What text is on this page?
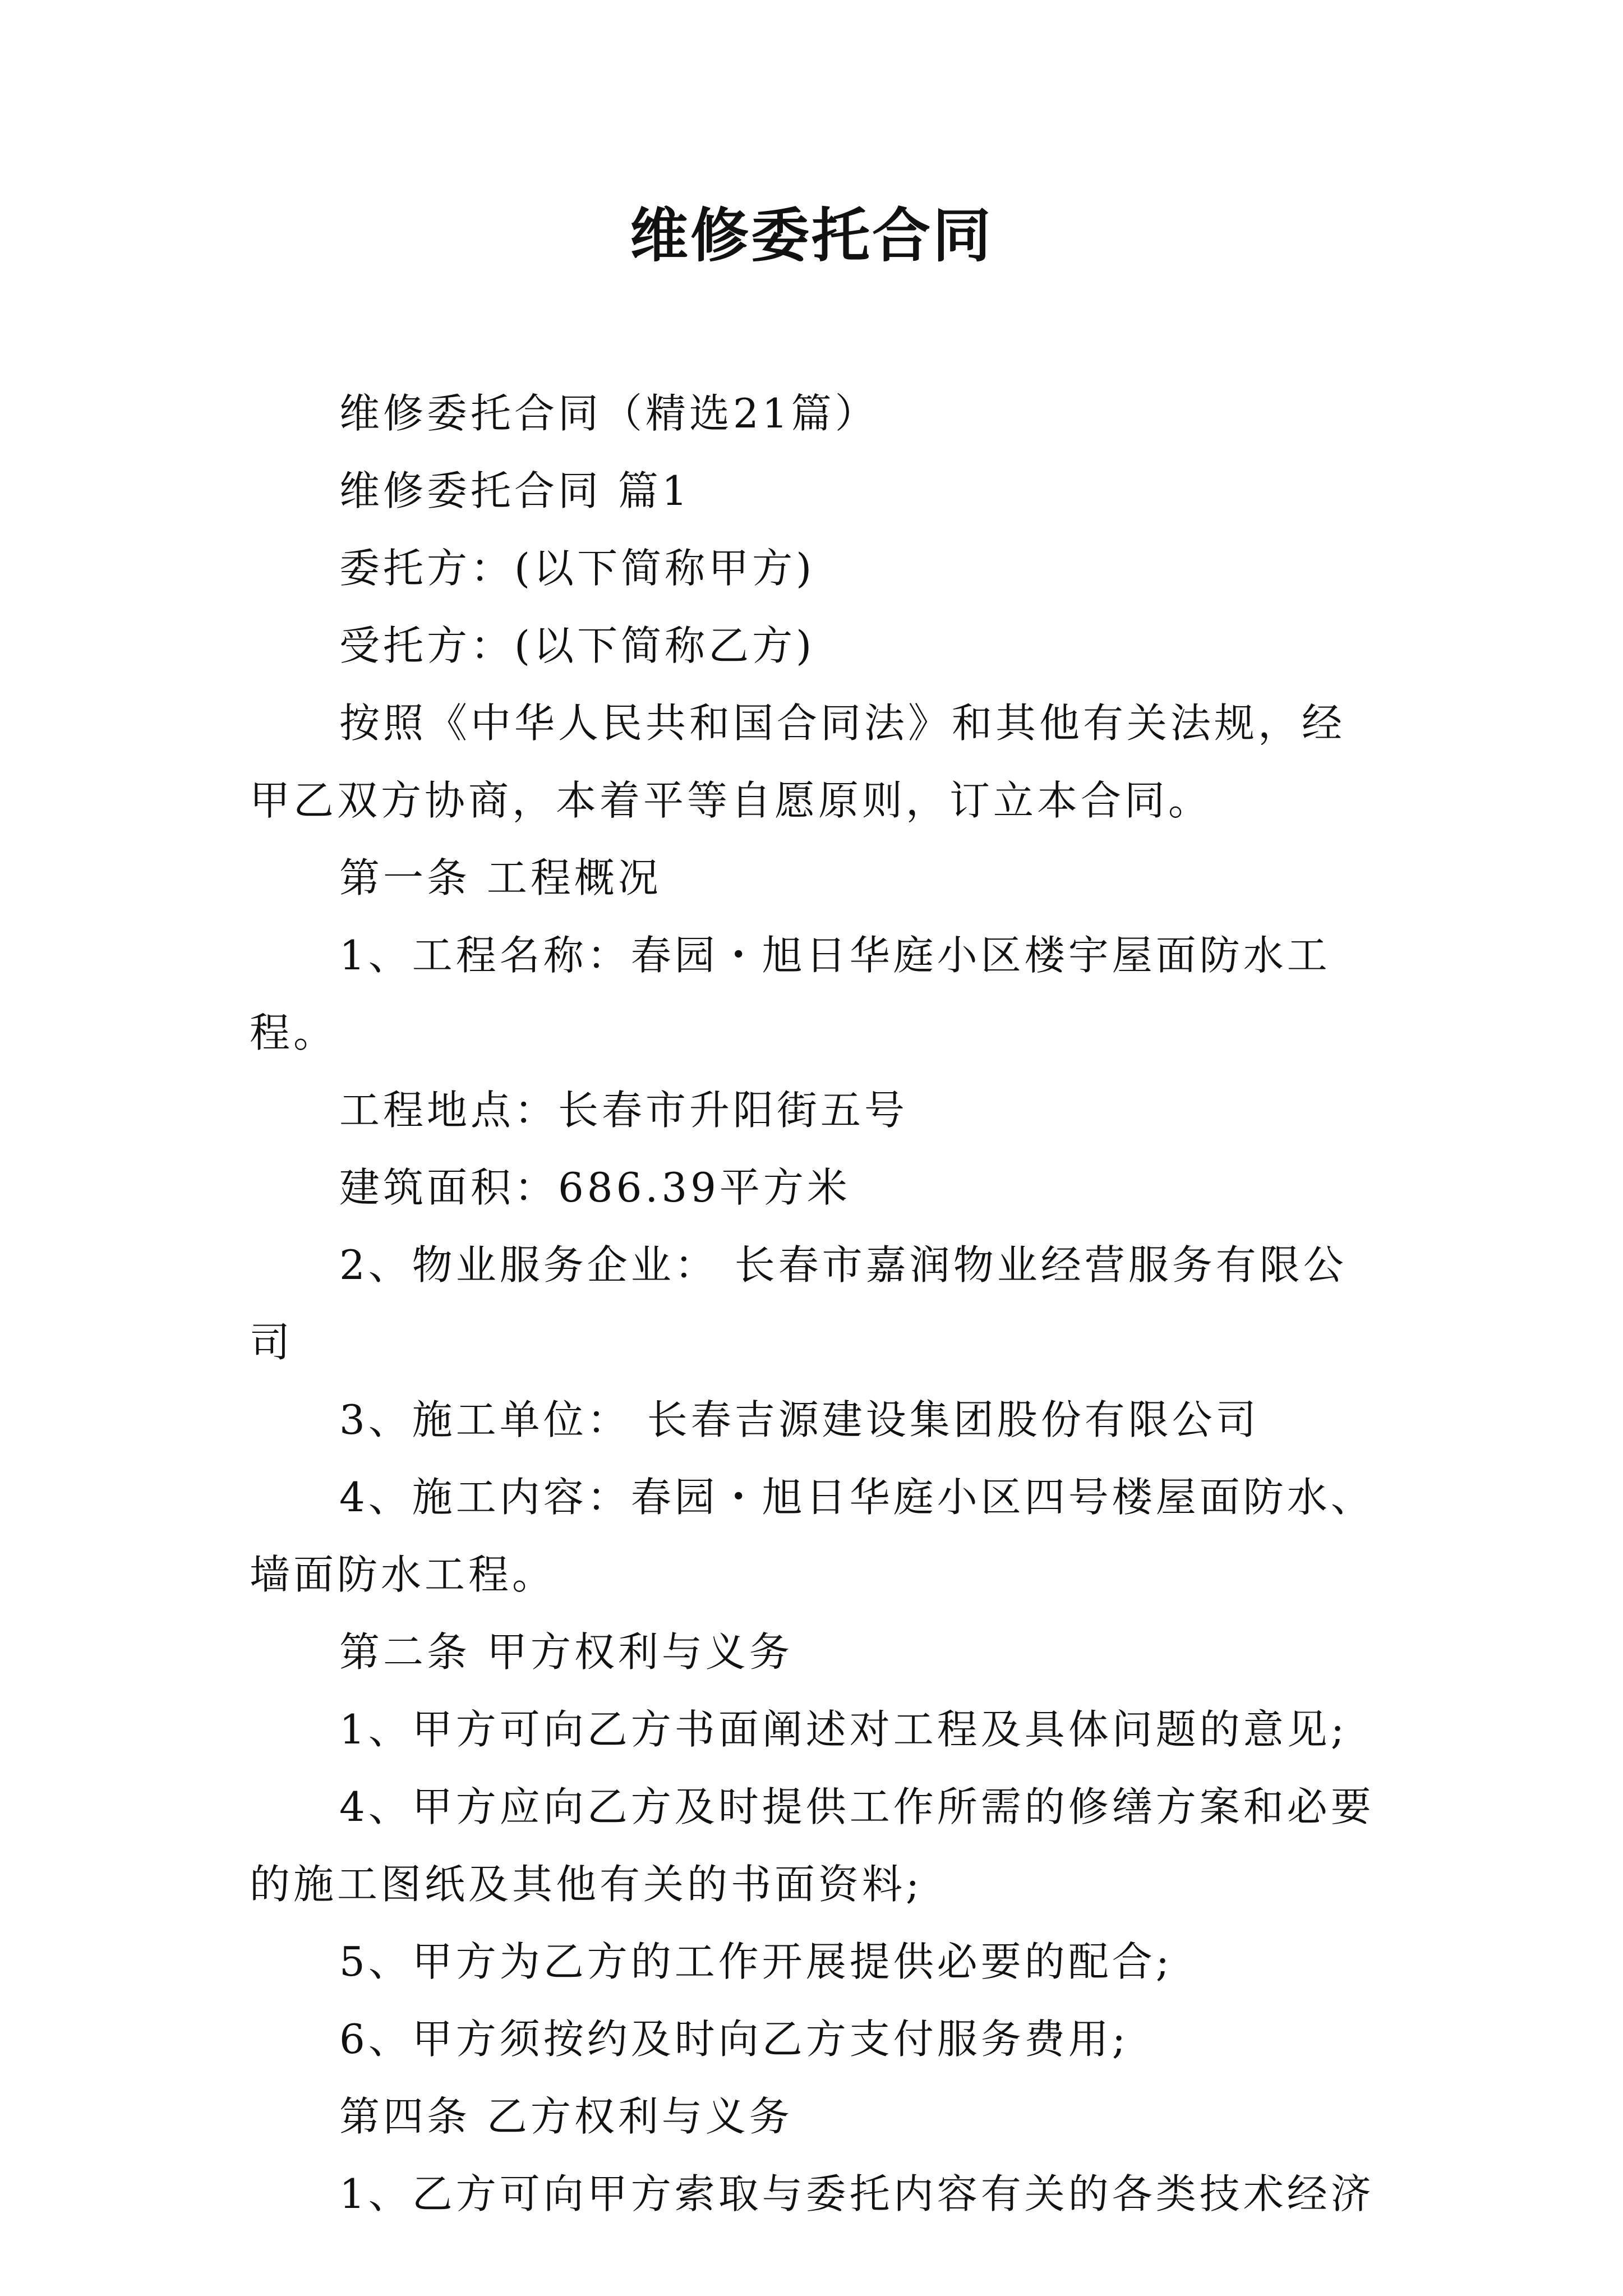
维修委托合同

维修委托合同（精选21篇）

维修委托合同 篇1

委托方：(以下简称甲方)

受托方：(以下简称乙方)

按照《中华人民共和国合同法》和其他有关法规，经甲乙双方协商，本着平等自愿原则，订立本合同。

第一条 工程概况

1、工程名称：春园・旭日华庭小区楼宇屋面防水工程。

工程地点：长春市升阳街五号

建筑面积：686.39平方米

2、物业服务企业： 长春市嘉润物业经营服务有限公司

3、施工单位： 长春吉源建设集团股份有限公司

4、施工内容：春园・旭日华庭小区四号楼屋面防水、墙面防水工程。

第二条 甲方权利与义务

1、甲方可向乙方书面阐述对工程及具体问题的意见;

4、甲方应向乙方及时提供工作所需的修缮方案和必要的施工图纸及其他有关的书面资料;

5、甲方为乙方的工作开展提供必要的配合;

6、甲方须按约及时向乙方支付服务费用;

第四条 乙方权利与义务

1、乙方可向甲方索取与委托内容有关的各类技术经济
